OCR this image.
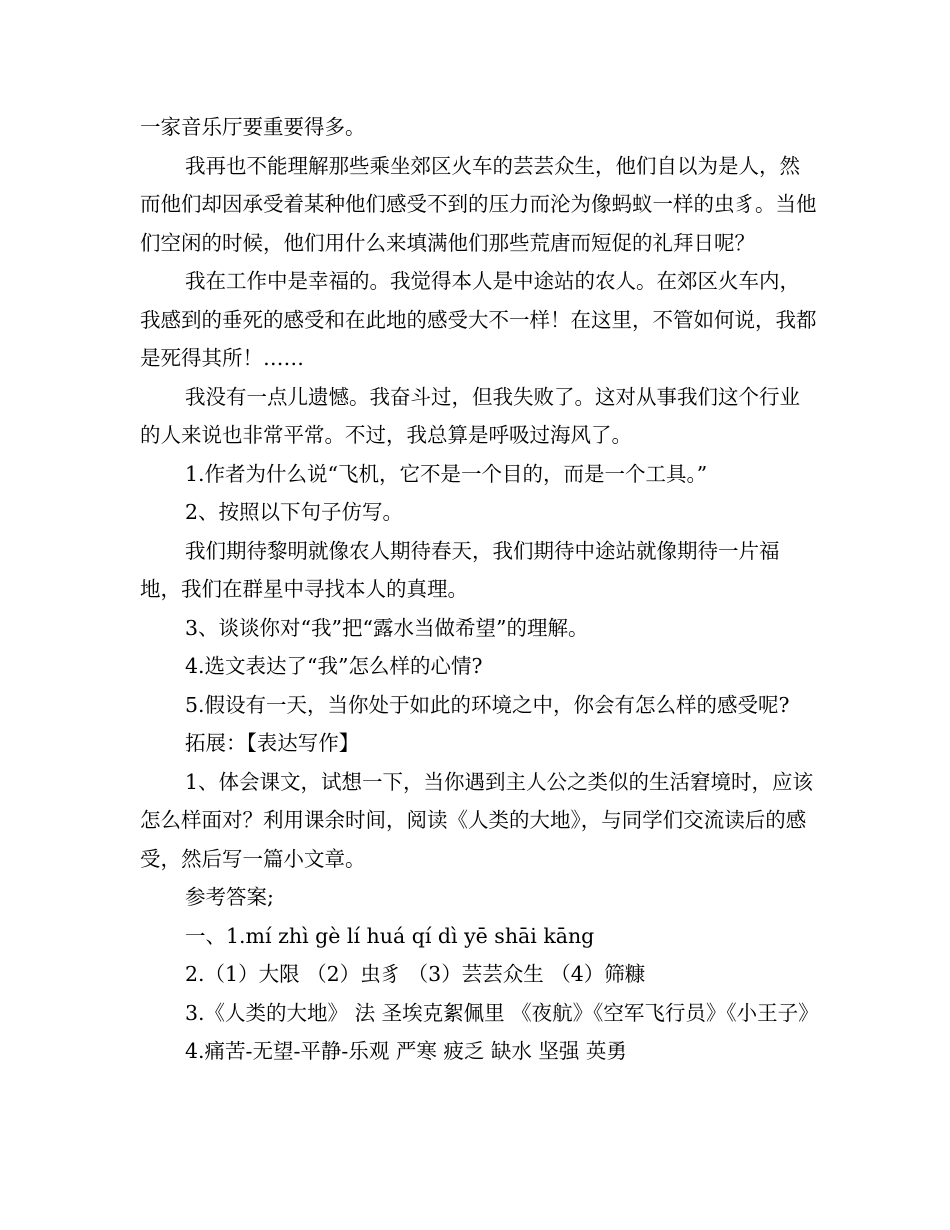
一家音乐厅要重要得多。

我再也不能理解那些乘坐郊区火车的芸芸众生，他们自以为是人，然而他们却因承受着某种他们感受不到的压力而沦为像蚂蚁一样的虫豸。当他们空闲的时候，他们用什么来填满他们那些荒唐而短促的礼拜日呢？

我在工作中是幸福的。我觉得本人是中途站的农人。在郊区火车内，我感到的垂死的感受和在此地的感受大不一样！在这里，不管如何说，我都是死得其所！……

我没有一点儿遗憾。我奋斗过，但我失败了。这对从事我们这个行业的人来说也非常平常。不过，我总算是呼吸过海风了。

1.作者为什么说“飞机，它不是一个目的，而是一个工具。”

2、按照以下句子仿写。

我们期待黎明就像农人期待春天，我们期待中途站就像期待一片福地，我们在群星中寻找本人的真理。

3、谈谈你对“我”把“露水当做希望”的理解。

4.选文表达了“我”怎么样的心情?

5.假设有一天，当你处于如此的环境之中，你会有怎么样的感受呢?

拓展：【表达写作】

1、体会课文，试想一下，当你遇到主人公之类似的生活窘境时，应该怎么样面对？利用课余时间，阅读《人类的大地》，与同学们交流读后的感受，然后写一篇小文章。

参考答案;

一、1.mí zhì gè lí huá qí dì yē shāi kāng

2.（1）大限 （2）虫豸 （3）芸芸众生 （4）筛糠

3.《人类的大地》 法 圣埃克絮佩里 《夜航》《空军飞行员》《小王子》

4.痛苦-无望-平静-乐观 严寒 疲乏 缺水 坚强 英勇
